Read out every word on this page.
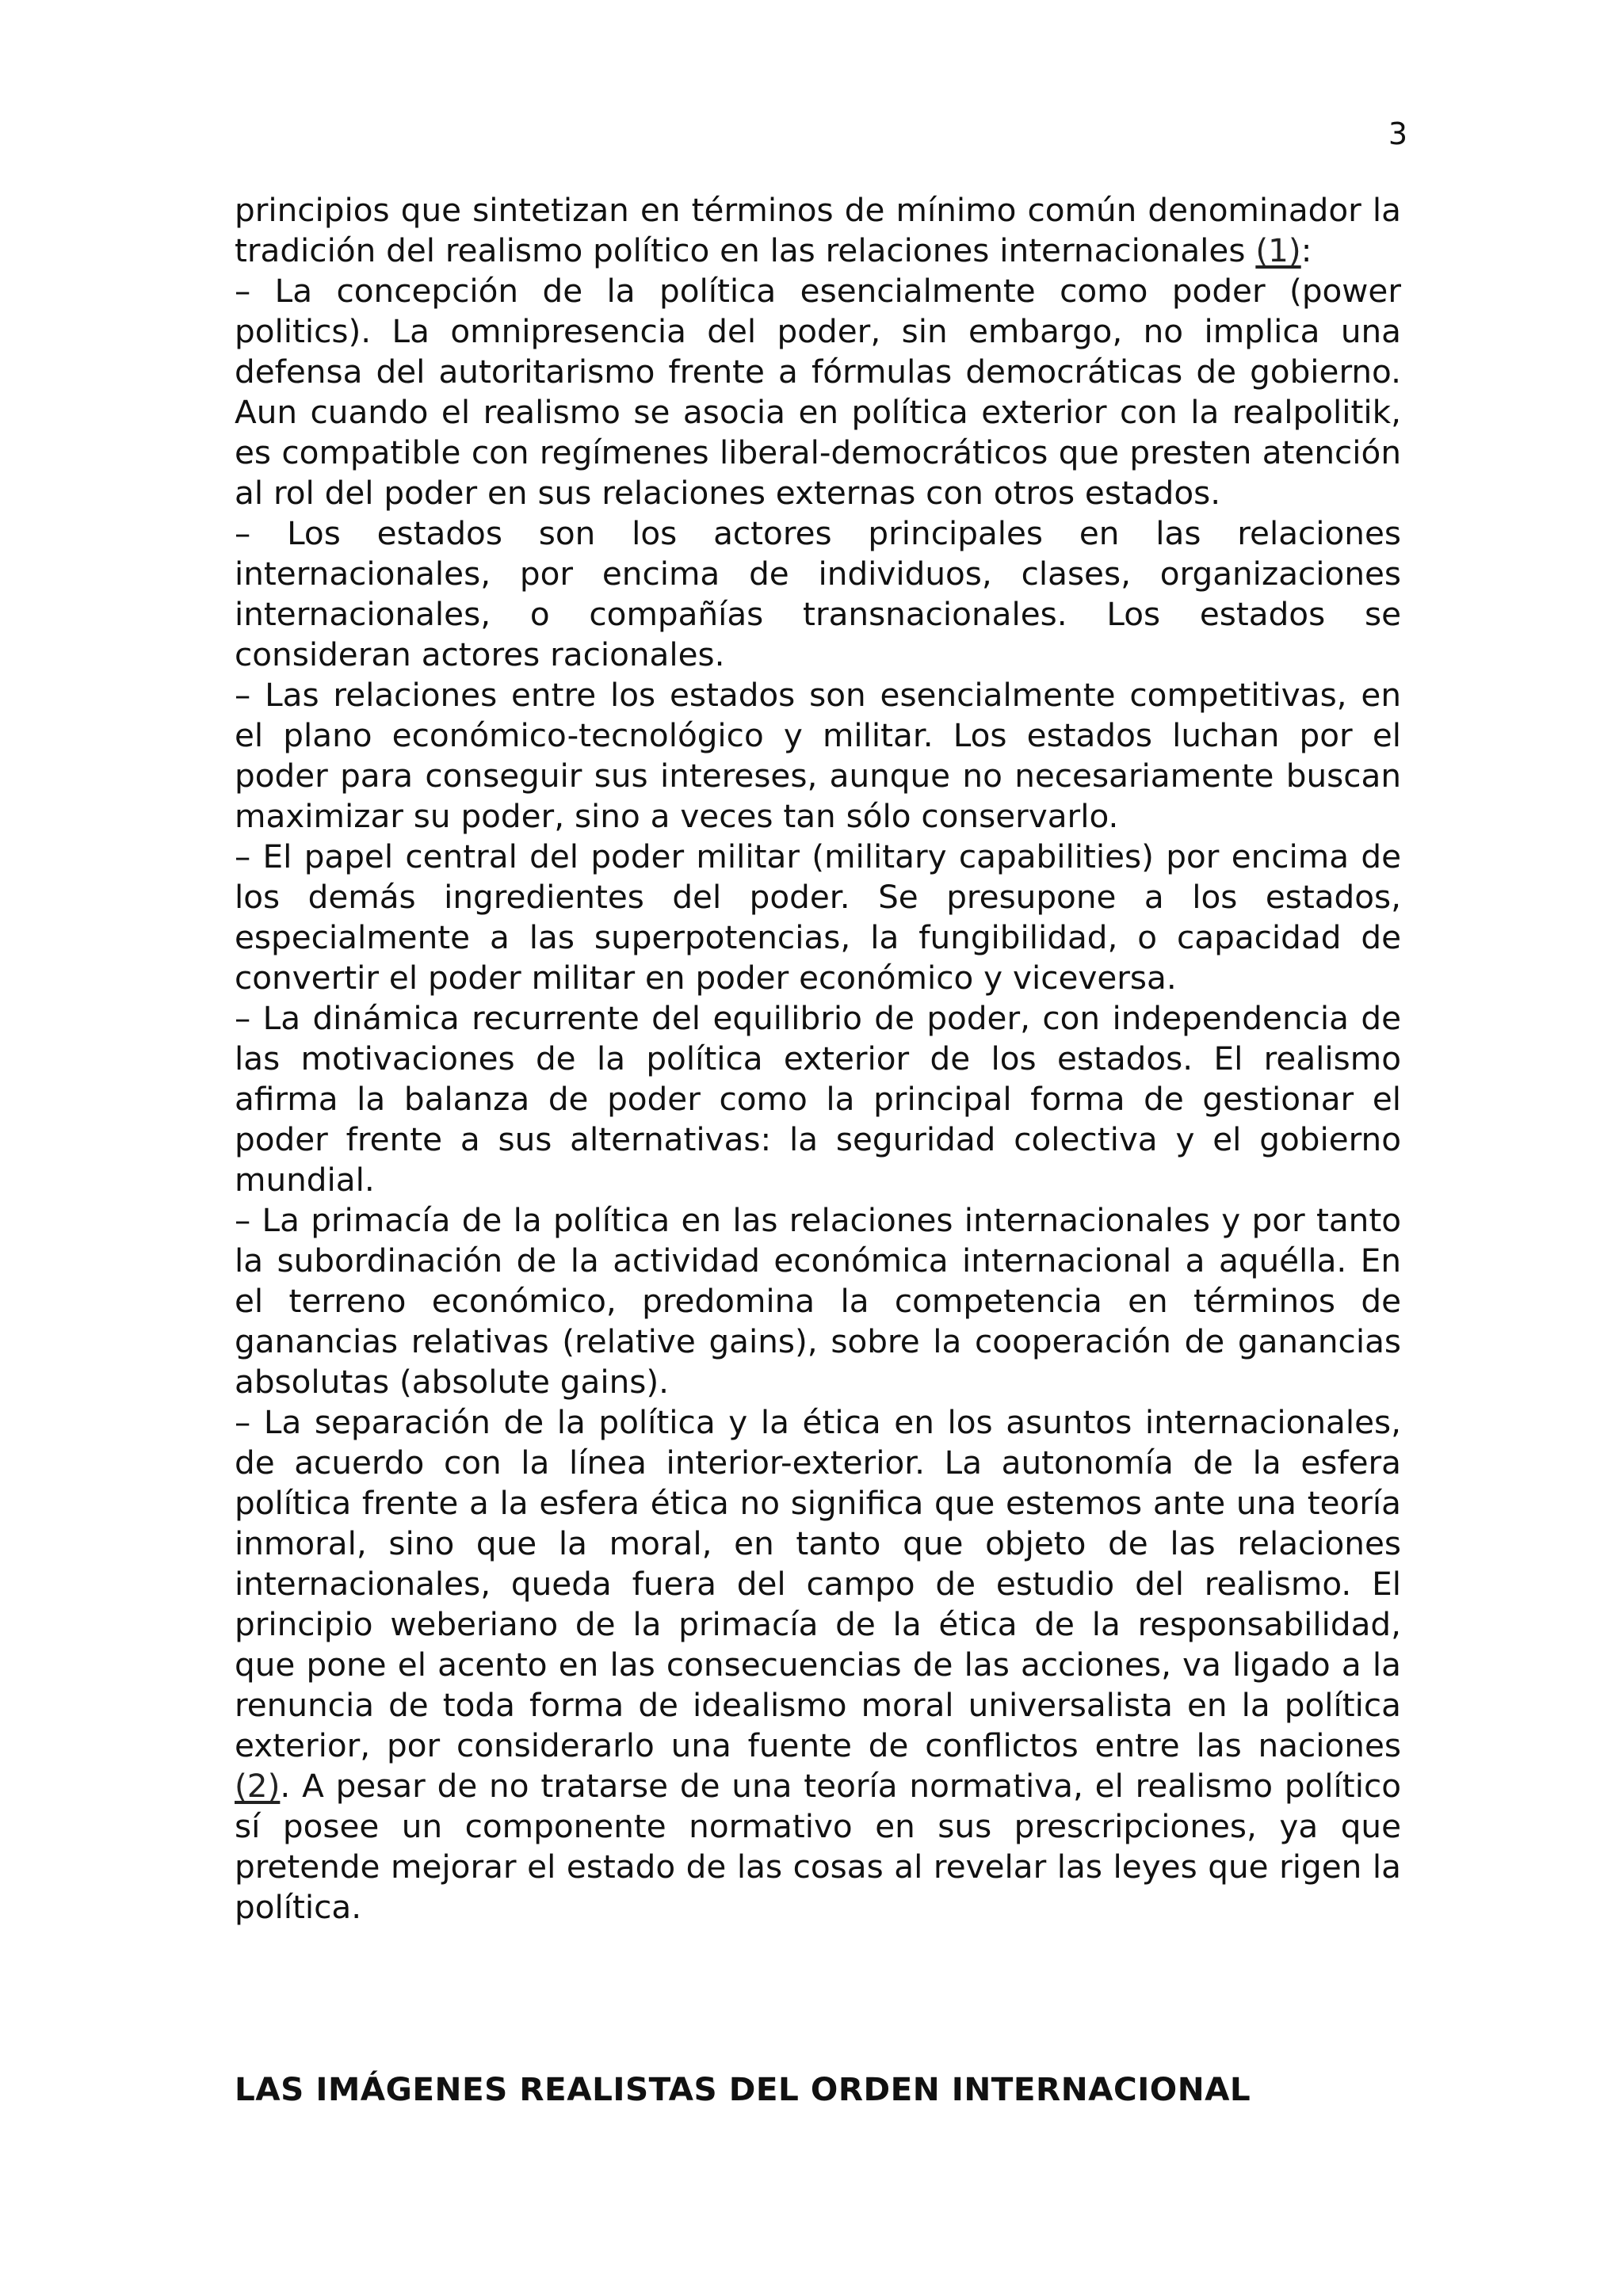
3

principios que sintetizan en términos de mínimo común denominador la tradición del realismo político en las relaciones internacionales (1):

– La concepción de la política esencialmente como poder (power politics). La omnipresencia del poder, sin embargo, no implica una defensa del autoritarismo frente a fórmulas democráticas de gobierno. Aun cuando el realismo se asocia en política exterior con la realpolitik, es compatible con regímenes liberal-democráticos que presten atención al rol del poder en sus relaciones externas con otros estados.

– Los estados son los actores principales en las relaciones internacionales, por encima de individuos, clases, organizaciones internacionales, o compañías transnacionales. Los estados se consideran actores racionales.

– Las relaciones entre los estados son esencialmente competitivas, en el plano económico-tecnológico y militar. Los estados luchan por el poder para conseguir sus intereses, aunque no necesariamente buscan maximizar su poder, sino a veces tan sólo conservarlo.

– El papel central del poder militar (military capabilities) por encima de los demás ingredientes del poder. Se presupone a los estados, especialmente a las superpotencias, la fungibilidad, o capacidad de convertir el poder militar en poder económico y viceversa.

– La dinámica recurrente del equilibrio de poder, con independencia de las motivaciones de la política exterior de los estados. El realismo afirma la balanza de poder como la principal forma de gestionar el poder frente a sus alternativas: la seguridad colectiva y el gobierno mundial.

– La primacía de la política en las relaciones internacionales y por tanto la subordinación de la actividad económica internacional a aquélla. En el terreno económico, predomina la competencia en términos de ganancias relativas (relative gains), sobre la cooperación de ganancias absolutas (absolute gains).

– La separación de la política y la ética en los asuntos internacionales, de acuerdo con la línea interior-exterior. La autonomía de la esfera política frente a la esfera ética no significa que estemos ante una teoría inmoral, sino que la moral, en tanto que objeto de las relaciones internacionales, queda fuera del campo de estudio del realismo. El principio weberiano de la primacía de la ética de la responsabilidad, que pone el acento en las consecuencias de las acciones, va ligado a la renuncia de toda forma de idealismo moral universalista en la política exterior, por considerarlo una fuente de conflictos entre las naciones (2). A pesar de no tratarse de una teoría normativa, el realismo político sí posee un componente normativo en sus prescripciones, ya que pretende mejorar el estado de las cosas al revelar las leyes que rigen la política.

LAS IMÁGENES REALISTAS DEL ORDEN INTERNACIONAL
